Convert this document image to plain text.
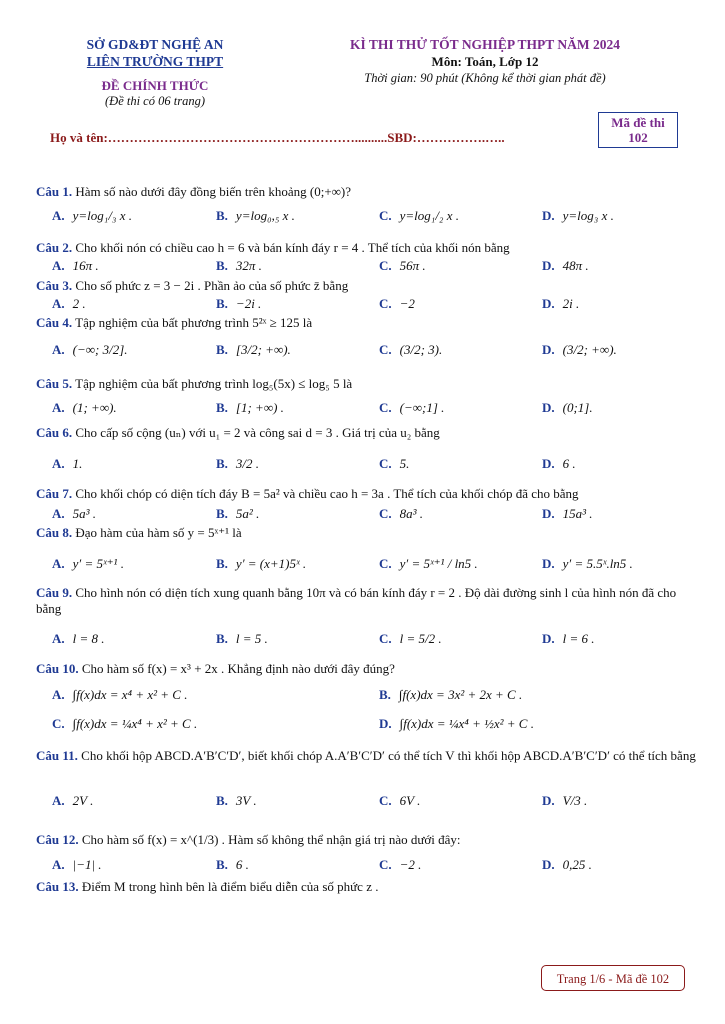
SỞ GD&ĐT NGHỆ AN
LIÊN TRƯỜNG THPT
ĐỀ CHÍNH THỨC
(Đề thi có 06 trang)
KÌ THI THỬ TỐT NGHIỆP THPT NĂM 2024
Môn: Toán, Lớp 12
Thời gian: 90 phút (Không kể thời gian phát đề)
Mã đề thi
102
Họ và tên:…………………………………………………..........SBD:…………….…..
Câu 1. Hàm số nào dưới đây đồng biến trên khoảng (0;+∞)?
A. y=log₁/₃ x .	B. y=log₀,₅ x .	C. y=log₁/₂ x .	D. y=log₃ x .
Câu 2. Cho khối nón có chiều cao h = 6 và bán kính đáy r = 4 . Thể tích của khối nón bằng
A. 16π .	B. 32π .	C. 56π .	D. 48π .
Câu 3. Cho số phức z = 3 − 2i . Phần ảo của số phức z̄ bằng
A. 2 .	B. −2i .	C. −2	D. 2i .
Câu 4. Tập nghiệm của bất phương trình 5²ˣ ≥ 125 là
A. (−∞; 3/2].	B. [3/2; +∞).	C. (3/2; 3).	D. (3/2; +∞).
Câu 5. Tập nghiệm của bất phương trình log₅(5x) ≤ log₅ 5 là
A. (1; +∞).	B. [1; +∞) .	C. (−∞;1] .	D. (0;1].
Câu 6. Cho cấp số cộng (uₙ) với u₁ = 2 và công sai d = 3 . Giá trị của u₂ bằng
A. 1.	B. 3/2 .	C. 5.	D. 6 .
Câu 7. Cho khối chóp có diện tích đáy B = 5a² và chiều cao h = 3a . Thể tích của khối chóp đã cho bằng
A. 5a³ .	B. 5a² .	C. 8a³ .	D. 15a³ .
Câu 8. Đạo hàm của hàm số y = 5ˣ⁺¹ là
A. y′ = 5ˣ⁺¹ .	B. y′ = (x+1)5ˣ .	C. y′ = 5ˣ⁺¹ / ln5 .	D. y′ = 5.5ˣ.ln5 .
Câu 9. Cho hình nón có diện tích xung quanh bằng 10π và có bán kính đáy r = 2 . Độ dài đường sinh l của hình nón đã cho bằng
A. l = 8 .	B. l = 5 .	C. l = 5/2 .	D. l = 6 .
Câu 10. Cho hàm số f(x) = x³ + 2x . Khẳng định nào dưới đây đúng?
A. ∫f(x)dx = x⁴ + x² + C .	B. ∫f(x)dx = 3x² + 2x + C .
C. ∫f(x)dx = ¼x⁴ + x² + C .	D. ∫f(x)dx = ¼x⁴ + ½x² + C .
Câu 11. Cho khối hộp ABCD.A′B′C′D′, biết khối chóp A.A′B′C′D′ có thể tích V thì khối hộp ABCD.A′B′C′D′ có thể tích bằng
A. 2V .	B. 3V .	C. 6V .	D. V/3 .
Câu 12. Cho hàm số f(x) = x^(1/3) . Hàm số không thể nhận giá trị nào dưới đây:
A. |−1| .	B. 6 .	C. −2 .	D. 0,25 .
Câu 13. Điểm M trong hình bên là điểm biểu diễn của số phức z .
Trang 1/6 - Mã đề 102
